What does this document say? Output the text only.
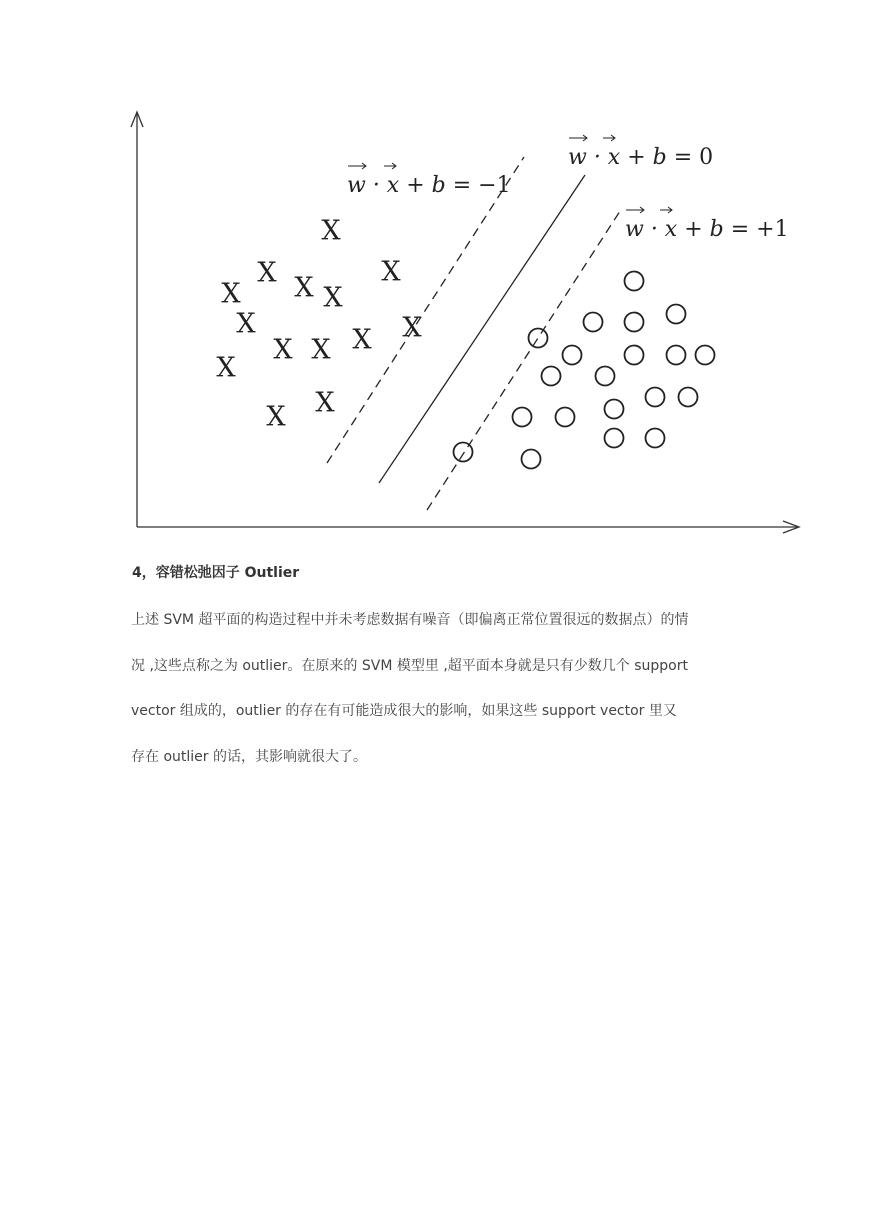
w · x + b = −1
w · x + b = 0
w · x + b = +1
X
X X
X	X
X
X
X X X X
X
X X
4，容错松弛因子 Outlier
上述 SVM 超平面的构造过程中并未考虑数据有噪音（即偏离正常位置很远的数据点）的情
况 ,这些点称之为 outlier。在原来的 SVM 模型里 ,超平面本身就是只有少数几个 support
vector 组成的，outlier 的存在有可能造成很大的影响，如果这些 support vector 里又
存在 outlier 的话，其影响就很大了。
